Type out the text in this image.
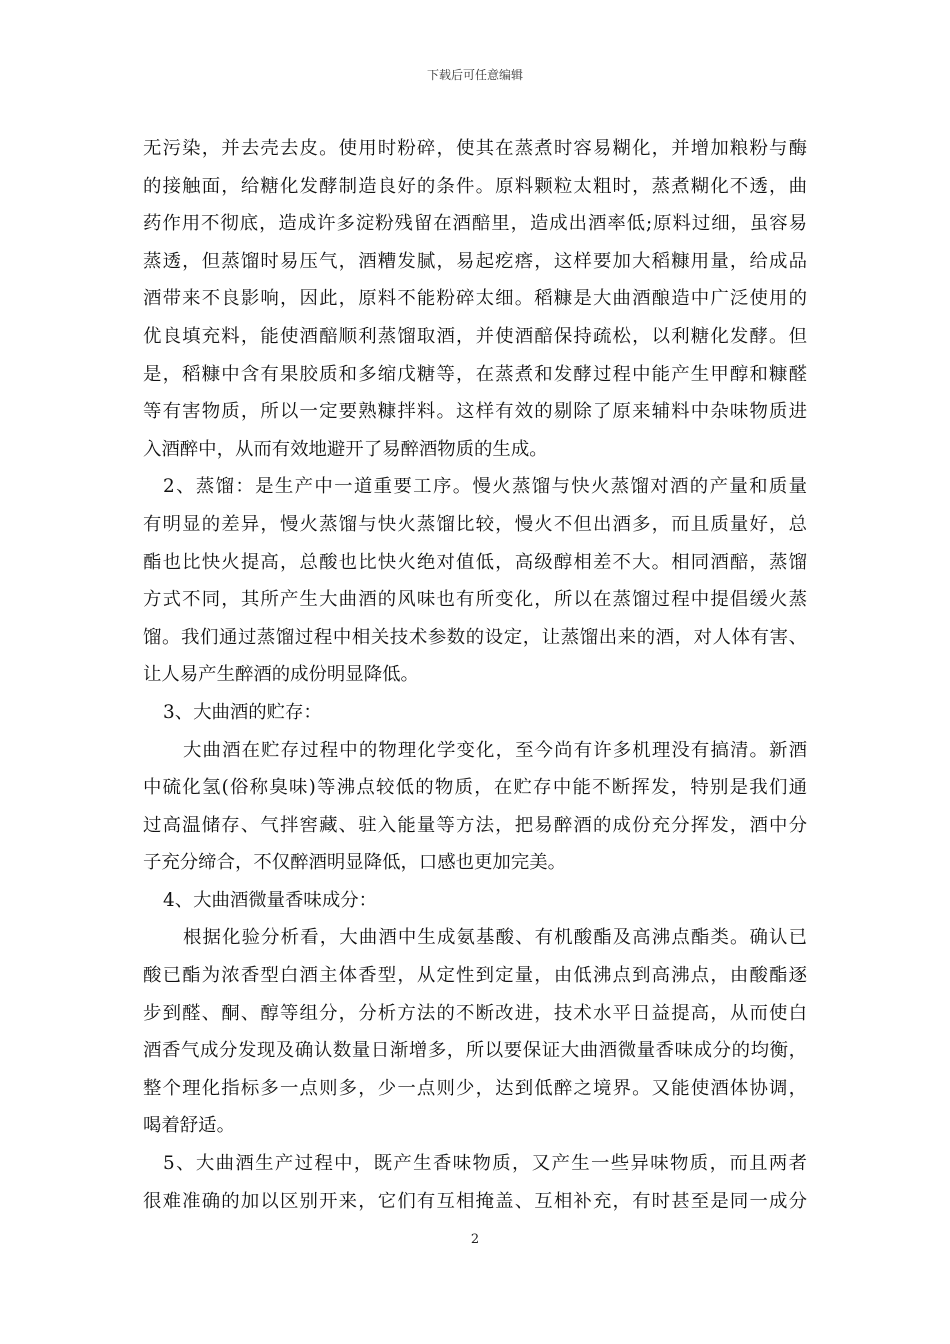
下载后可任意编辑
无污染，并去壳去皮。使用时粉碎，使其在蒸煮时容易糊化，并增加粮粉与酶
的接触面，给糖化发酵制造良好的条件。原料颗粒太粗时，蒸煮糊化不透，曲
药作用不彻底，造成许多淀粉残留在酒醅里，造成出酒率低;原料过细，虽容易
蒸透，但蒸馏时易压气，酒糟发腻，易起疙瘩，这样要加大稻糠用量，给成品
酒带来不良影响，因此，原料不能粉碎太细。稻糠是大曲酒酿造中广泛使用的
优良填充料，能使酒醅顺利蒸馏取酒，并使酒醅保持疏松，以利糖化发酵。但
是，稻糠中含有果胶质和多缩戊糖等，在蒸煮和发酵过程中能产生甲醇和糠醛
等有害物质，所以一定要熟糠拌料。这样有效的剔除了原来辅料中杂味物质进
入酒醉中，从而有效地避开了易醉酒物质的生成。
2、蒸馏：是生产中一道重要工序。慢火蒸馏与快火蒸馏对酒的产量和质量
有明显的差异，慢火蒸馏与快火蒸馏比较，慢火不但出酒多，而且质量好，总
酯也比快火提高，总酸也比快火绝对值低，高级醇相差不大。相同酒醅，蒸馏
方式不同，其所产生大曲酒的风味也有所变化，所以在蒸馏过程中提倡缓火蒸
馏。我们通过蒸馏过程中相关技术参数的设定，让蒸馏出来的酒，对人体有害、
让人易产生醉酒的成份明显降低。
3、大曲酒的贮存：
大曲酒在贮存过程中的物理化学变化，至今尚有许多机理没有搞清。新酒
中硫化氢(俗称臭味)等沸点较低的物质，在贮存中能不断挥发，特别是我们通
过高温储存、气拌窖藏、驻入能量等方法，把易醉酒的成份充分挥发，酒中分
子充分缔合，不仅醉酒明显降低，口感也更加完美。
4、大曲酒微量香味成分：
根据化验分析看，大曲酒中生成氨基酸、有机酸酯及高沸点酯类。确认已
酸已酯为浓香型白酒主体香型，从定性到定量，由低沸点到高沸点，由酸酯逐
步到醛、酮、醇等组分，分析方法的不断改进，技术水平日益提高，从而使白
酒香气成分发现及确认数量日渐增多，所以要保证大曲酒微量香味成分的均衡，
整个理化指标多一点则多，少一点则少，达到低醉之境界。又能使酒体协调，
喝着舒适。
5、大曲酒生产过程中，既产生香味物质，又产生一些异味物质，而且两者
很难准确的加以区别开来，它们有互相掩盖、互相补充，有时甚至是同一成分
2
